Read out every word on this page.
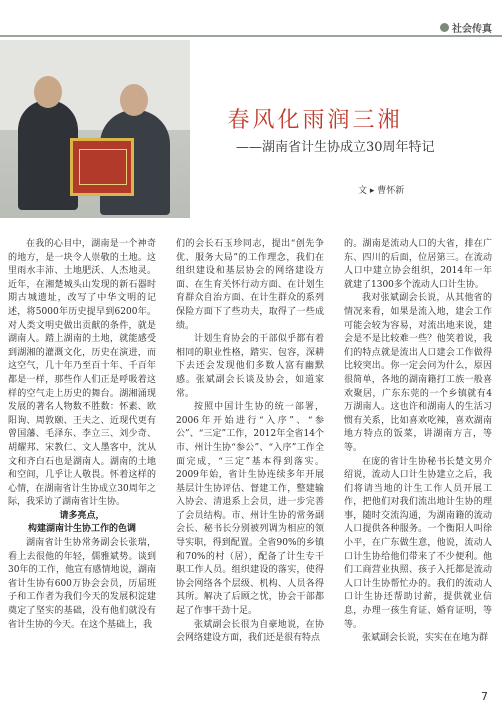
社会传真
春风化雨润三湘
——湖南省计生协成立30周年特记
文 ▸ 曹怀新

在我的心目中，湖南是一个神奇的地方，是一块令人崇敬的土地。这里雨水丰沛、土地肥沃、人杰地灵。近年，在湘楚城头山发现的新石器时期古城遗址，改写了中华文明的记述，将5000年历史提早到6200年。对人类文明史做出贡献的条件，就是湖南人。踏上湖南的土地，就能感受到湖湘的灌溉文化，历史在演进，而这空气，几十年乃至百十年、千百年都是一样，那些作人们正是呼吸着这样的空气走上历史的舞台。湖湘涌现发展的著名人物数不胜数：怀素、欧阳询、周敦颐、王夫之、近现代更有曾国藩、毛泽东、李立三、刘少奇、胡耀邦、宋教仁、文人墨客中，沈从文和齐白石也是湖南人。湖南的土地和空间，几乎让人敬畏。怀着这样的心情，在湖南省计生协成立30周年之际，我采访了湖南省计生协。

请多亮点，

构建湖南计生协工作的色调

湖南省计生协常务副会长张瑞，看上去很他的年轻，儒雅斌势。谈到30年的工作，他宣有感情地说，湖南省计生协有600万协会会员，历届班子和工作者为我们今天的发展积淀建奠定了坚实的基础，没有他们就没有省计生协的今天。在这个基础上，我

们的会长石玉珍同志，提出“创先争优、服务大局”的工作理念，我们在组织建设和基层协会的网络建设方面、在生育关怀行动方面、在计划生育群众自治方面、在计生群众的系列保险方面下了些功夫，取得了一些成绩。

计划生育协会的干部似乎都有着相同的职业性格，踏实、包容，深耕下去还会发现他们多数人富有幽默感。张斌副会长谈及协会，如道家常。

按照中国计生协的统一部署，2006年开始进行“入序”、“参公”、“三定”工作，2012年全省14个市、州计生协“参公”、“入序”工作全面完成，“三定”基本得到落实。2009年始，省计生协连续多年开展基层计生协评估、督建工作，整建输入协会、清退系上会员，进一步完善了会员结构。市、州计生协的常务副会长、秘书长分别被列调为相应的领导实职，得到配置。全省90%的乡镇和70%的村（居），配备了计生专干职工作人员。组织建设的落实，使得协会网络各个层级、机构、人员各得其所。解决了后顾之忧，协会干部都起了作事干劲十足。

张斌副会长很为自豪地说，在协会网络建设方面，我们还是很有特点

的。湖南是流动人口的大省，排在广东、四川的后面，位居第三。在流动人口中建立协会组织，2014年一年就建了1300多个流动人口计生协。

我对张斌副会长说，从其他省的情况来看，如果是流入地，建会工作可能会较为容易，对流出地来说，建会是不是比较难一些？他笑着说，我们的特点就是流出人口建会工作做得比较突出。你一定会问为什么，原因很简单，各地的湖南籍打工族一般喜欢聚居，广东东莞的一个乡镇就有4万湖南人。这也许和湖南人的生活习惯有关系，比如喜欢吃辣，喜欢湖南地方特点的饭菜，讲湖南方言，等等。

在庞的省计生协秘书长楚文男介绍说，流动人口计生协建立之后，我们将请当地的计生工作人员开展工作，把他们对我们流出地计生协的理事，随时交流沟通，为湖南籍的流动人口提供各种服务。一个衡阳人叫徐小平，在广东做生意，他说，流动人口计生协给他们带来了不少便利。他们工商营业执照、孩子入托都是流动人口计生协帮忙办的。我们的流动人口计生协还帮助讨薪，提供就业信息，办理一孩生育证、婚育证明，等等。

张斌副会长说，实实在在地为群

7
